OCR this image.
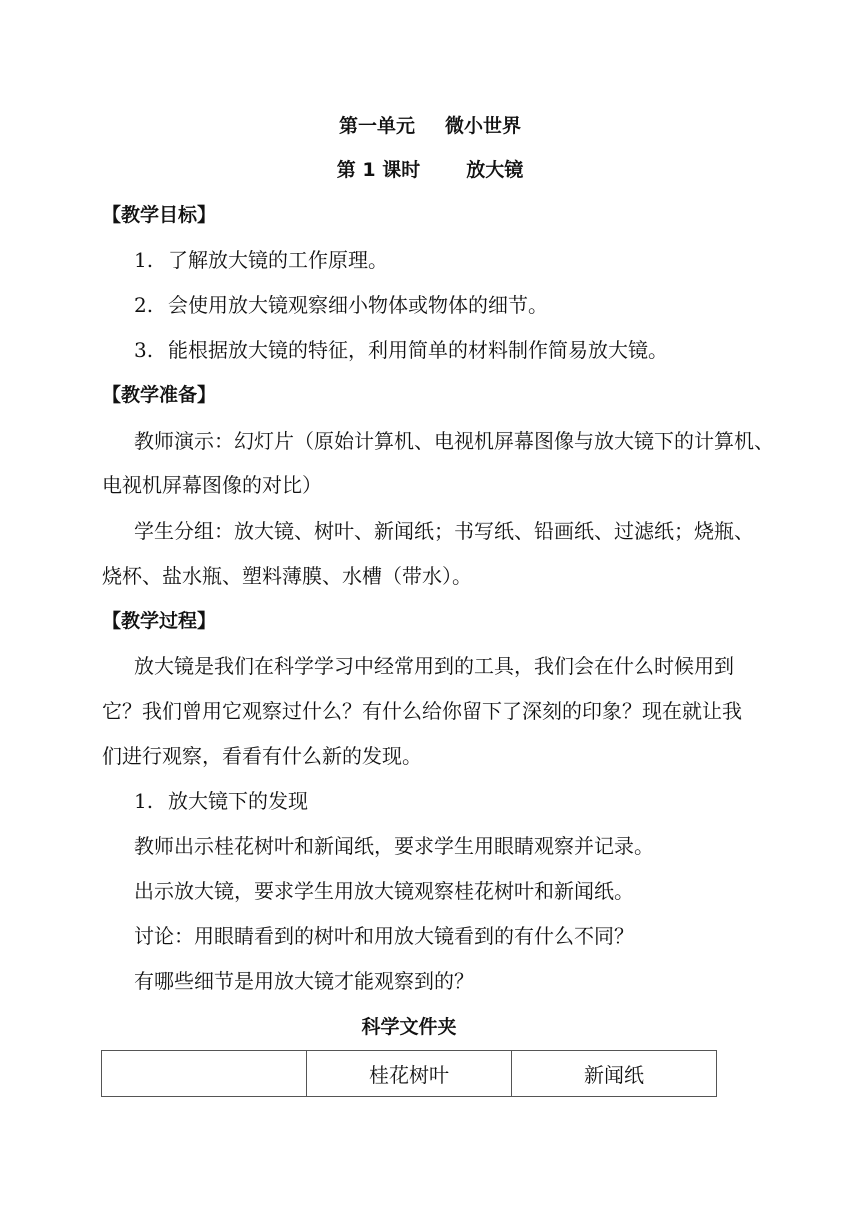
第一单元 微小世界
第 1 课时 放大镜
【教学目标】
1. 了解放大镜的工作原理。
2. 会使用放大镜观察细小物体或物体的细节。
3. 能根据放大镜的特征，利用简单的材料制作简易放大镜。
【教学准备】
教师演示：幻灯片（原始计算机、电视机屏幕图像与放大镜下的计算机、
电视机屏幕图像的对比）
学生分组：放大镜、树叶、新闻纸；书写纸、铅画纸、过滤纸；烧瓶、
烧杯、盐水瓶、塑料薄膜、水槽（带水）。
【教学过程】
放大镜是我们在科学学习中经常用到的工具，我们会在什么时候用到
它？我们曾用它观察过什么？有什么给你留下了深刻的印象？现在就让我
们进行观察，看看有什么新的发现。
1. 放大镜下的发现
教师出示桂花树叶和新闻纸，要求学生用眼睛观察并记录。
出示放大镜，要求学生用放大镜观察桂花树叶和新闻纸。
讨论：用眼睛看到的树叶和用放大镜看到的有什么不同？
有哪些细节是用放大镜才能观察到的？
科学文件夹
	桂花树叶	新闻纸
